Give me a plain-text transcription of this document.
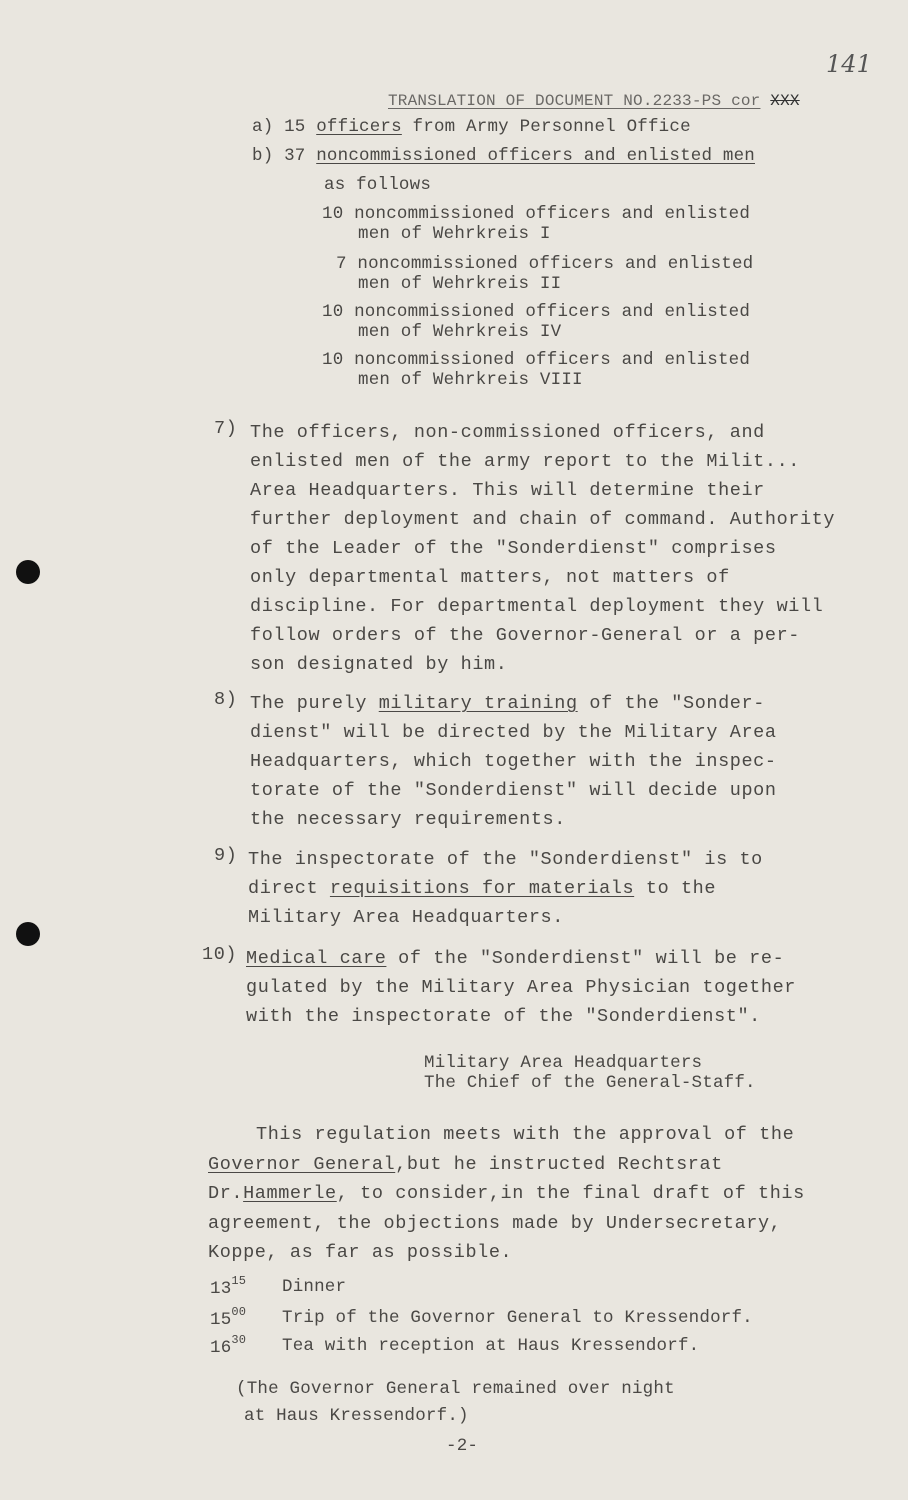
141
TRANSLATION OF DOCUMENT NO.2233-PS cor XXX
a) 15 officers from Army Personnel Office
b) 37 noncommissioned officers and enlisted men
as follows
10 noncommissioned officers and enlisted
men of Wehrkreis I
7 noncommissioned officers and enlisted
men of Wehrkreis II
10 noncommissioned officers and enlisted
men of Wehrkreis IV
10 noncommissioned officers and enlisted
men of Wehrkreis VIII
7) The officers, non-commissioned officers, and
enlisted men of the army report to the Milit...
Area Headquarters. This will determine their
further deployment and chain of command. Authority
of the Leader of the "Sonderdienst" comprises
only departmental matters, not matters of
discipline. For departmental deployment they will
follow orders of the Governor-General or a per-
son designated by him.
8) The purely military training of the "Sonder-
dienst" will be directed by the Military Area
Headquarters, which together with the inspec-
torate of the "Sonderdienst" will decide upon
the necessary requirements.
9) The inspectorate of the "Sonderdienst" is to
direct requisitions for materials to the
Military Area Headquarters.
10) Medical care of the "Sonderdienst" will be re-
gulated by the Military Area Physician together
with the inspectorate of the "Sonderdienst".
Military Area Headquarters
The Chief of the General-Staff.
This regulation meets with the approval of the
Governor General,but he instructed Rechtsrat
Dr.Hammerle, to consider,in the final draft of this
agreement, the objections made by Undersecretary,
Koppe, as far as possible.
$13^{15}$ Dinner
$15^{00}$ Trip of the Governor General to Kressendorf.
$16^{30}$ Tea with reception at Haus Kressendorf.
(The Governor General remained over night
at Haus Kressendorf.)
-2-
